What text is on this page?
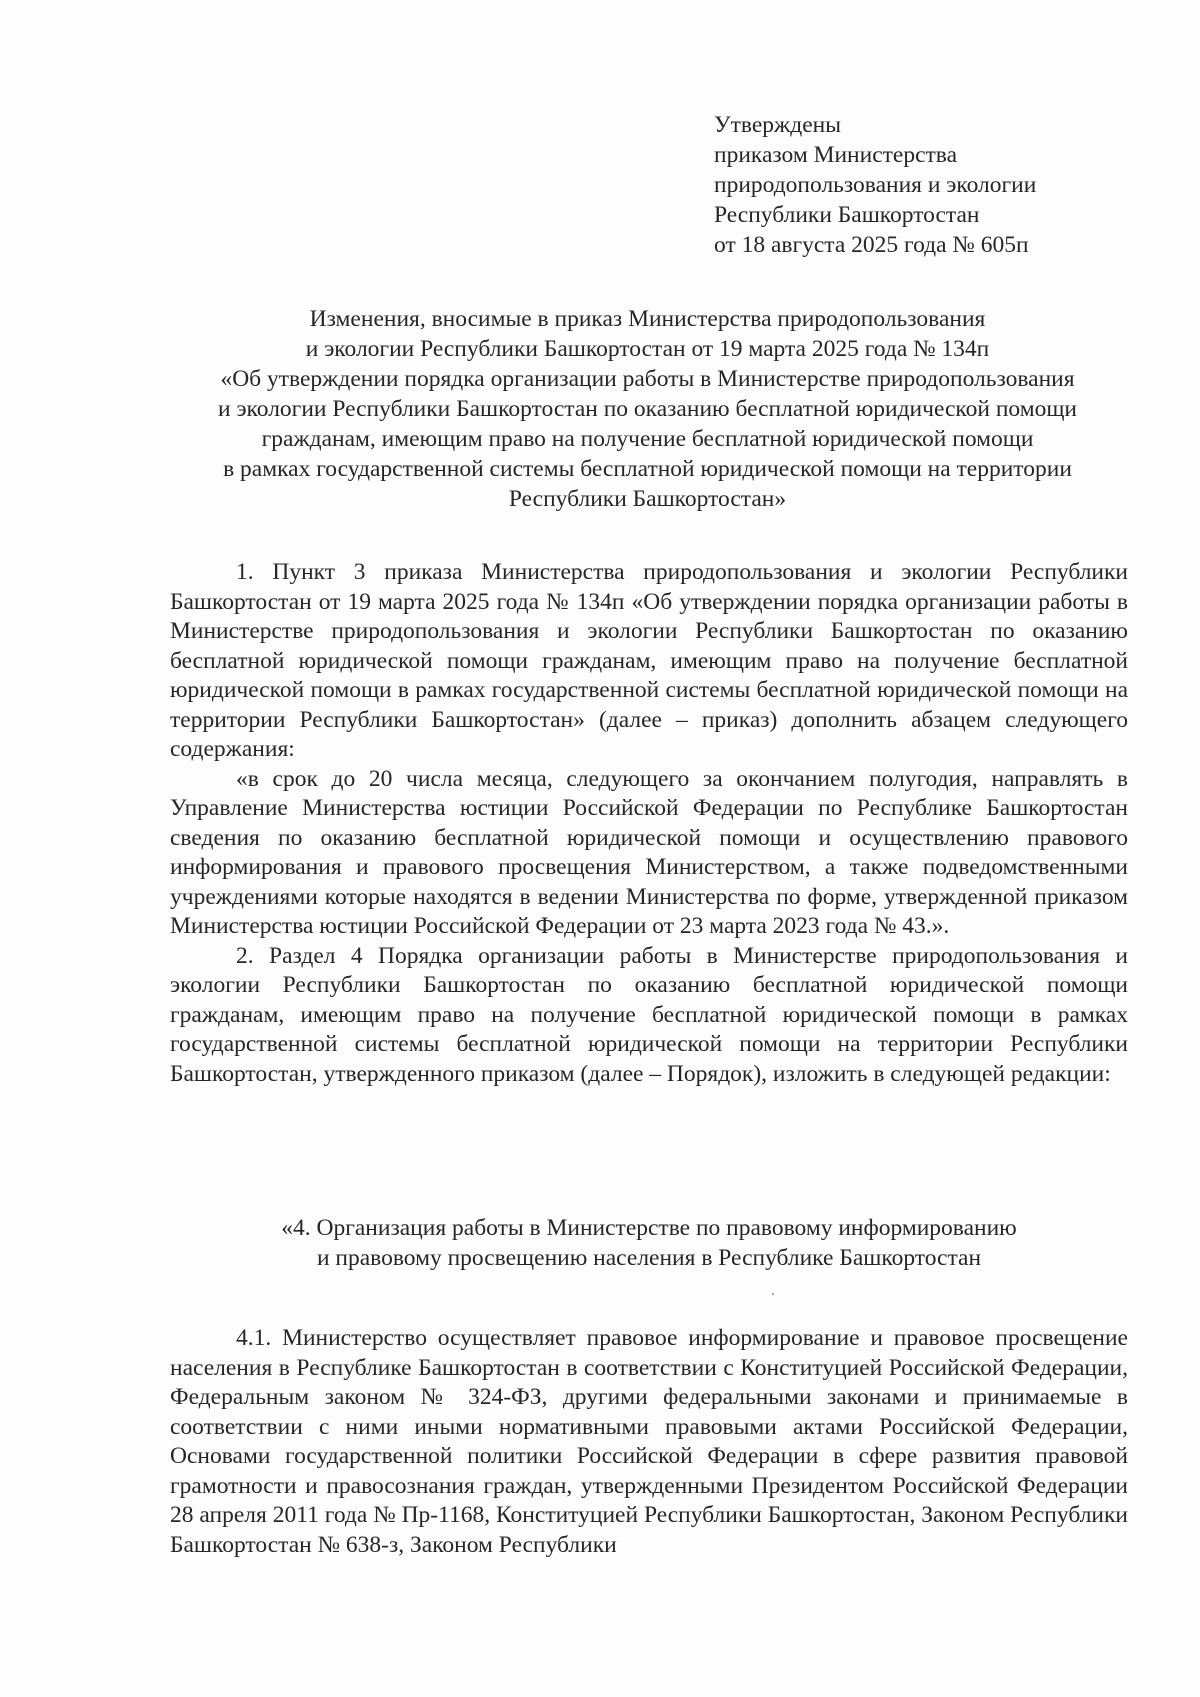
Утверждены
приказом Министерства
природопользования и экологии
Республики Башкортостан
от 18 августа 2025 года № 605п
Изменения, вносимые в приказ Министерства природопользования
и экологии Республики Башкортостан от 19 марта 2025 года № 134п
«Об утверждении порядка организации работы в Министерстве природопользования
и экологии Республики Башкортостан по оказанию бесплатной юридической помощи
гражданам, имеющим право на получение бесплатной юридической помощи
в рамках государственной системы бесплатной юридической помощи на территории
Республики Башкортостан»

1. Пункт 3 приказа Министерства природопользования и экологии Республики Башкортостан от 19 марта 2025 года № 134п «Об утверждении порядка организации работы в Министерстве природопользования и экологии Республики Башкортостан по оказанию бесплатной юридической помощи гражданам, имеющим право на получение бесплатной юридической помощи в рамках государственной системы бесплатной юридической помощи на территории Республики Башкортостан» (далее – приказ) дополнить абзацем следующего содержания:

«в срок до 20 числа месяца, следующего за окончанием полугодия, направлять в Управление Министерства юстиции Российской Федерации по Республике Башкортостан сведения по оказанию бесплатной юридической помощи и осуществлению правового информирования и правового просвещения Министерством, а также подведомственными учреждениями которые находятся в ведении Министерства по форме, утвержденной приказом Министерства юстиции Российской Федерации от 23 марта 2023 года № 43.».

2. Раздел 4 Порядка организации работы в Министерстве природопользования и экологии Республики Башкортостан по оказанию бесплатной юридической помощи гражданам, имеющим право на получение бесплатной юридической помощи в рамках государственной системы бесплатной юридической помощи на территории Республики Башкортостан, утвержденного приказом (далее – Порядок), изложить в следующей редакции:

«4. Организация работы в Министерстве по правовому информированию
и правовому просвещению населения в Республике Башкортостан

4.1. Министерство осуществляет правовое информирование и правовое просвещение населения в Республике Башкортостан в соответствии с Конституцией Российской Федерации, Федеральным законом № 324-ФЗ, другими федеральными законами и принимаемые в соответствии с ними иными нормативными правовыми актами Российской Федерации, Основами государственной политики Российской Федерации в сфере развития правовой грамотности и правосознания граждан, утвержденными Президентом Российской Федерации 28 апреля 2011 года № Пр-1168, Конституцией Республики Башкортостан, Законом Республики Башкортостан № 638-з, Законом Республики
